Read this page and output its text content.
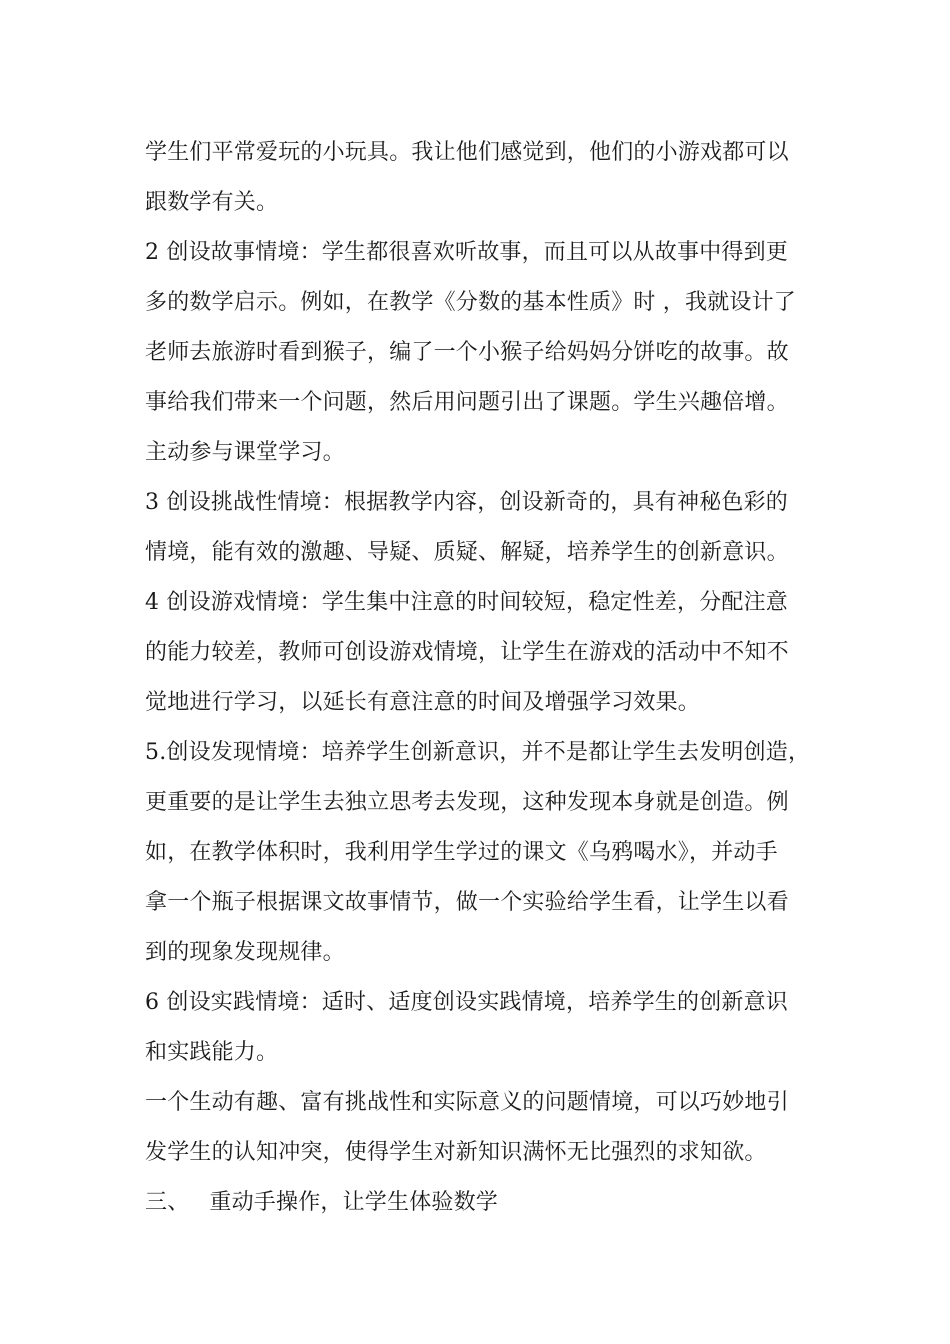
学生们平常爱玩的小玩具。我让他们感觉到，他们的小游戏都可以
跟数学有关。
2 创设故事情境：学生都很喜欢听故事，而且可以从故事中得到更
多的数学启示。例如，在教学《分数的基本性质》时 ，我就设计了
老师去旅游时看到猴子，编了一个小猴子给妈妈分饼吃的故事。故
事给我们带来一个问题，然后用问题引出了课题。学生兴趣倍增。
主动参与课堂学习。
3 创设挑战性情境：根据教学内容，创设新奇的，具有神秘色彩的
情境，能有效的激趣、导疑、质疑、解疑，培养学生的创新意识。
4 创设游戏情境：学生集中注意的时间较短，稳定性差，分配注意
的能力较差，教师可创设游戏情境，让学生在游戏的活动中不知不
觉地进行学习，以延长有意注意的时间及增强学习效果。
5.创设发现情境：培养学生创新意识，并不是都让学生去发明创造，
更重要的是让学生去独立思考去发现，这种发现本身就是创造。例
如，在教学体积时，我利用学生学过的课文《乌鸦喝水》，并动手
拿一个瓶子根据课文故事情节，做一个实验给学生看，让学生以看
到的现象发现规律。
6 创设实践情境：适时、适度创设实践情境，培养学生的创新意识
和实践能力。
一个生动有趣、富有挑战性和实际意义的问题情境，可以巧妙地引
发学生的认知冲突，使得学生对新知识满怀无比强烈的求知欲。
三、 重动手操作，让学生体验数学
